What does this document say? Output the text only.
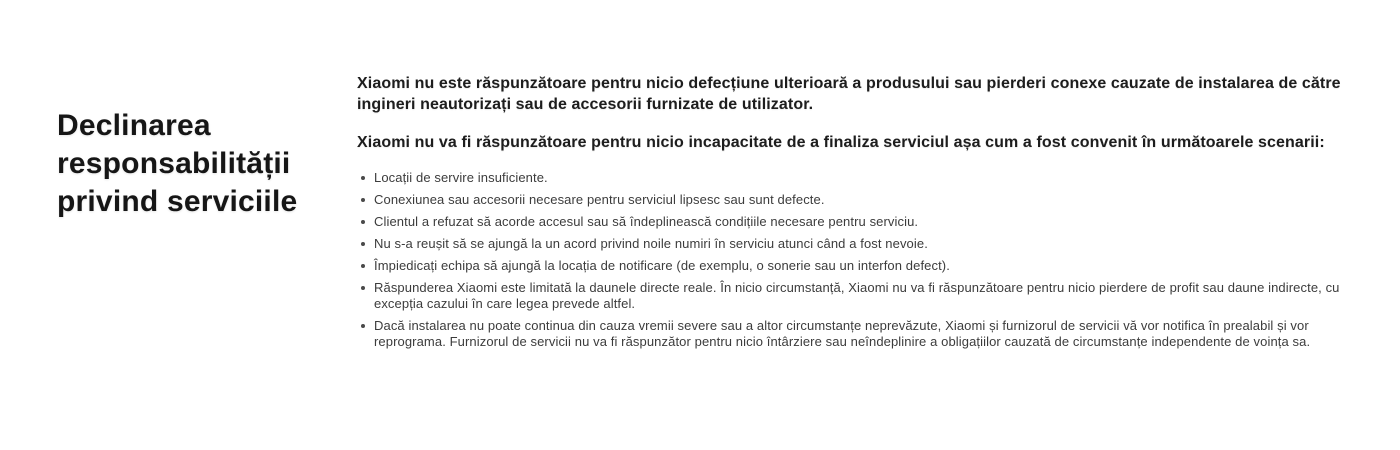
Declinarea responsabilității privind serviciile

Xiaomi nu este răspunzătoare pentru nicio defecțiune ulterioară a produsului sau pierderi conexe cauzate de instalarea de către ingineri neautorizați sau de accesorii furnizate de utilizator.

Xiaomi nu va fi răspunzătoare pentru nicio incapacitate de a finaliza serviciul așa cum a fost convenit în următoarele scenarii:

Locații de servire insuficiente.
Conexiunea sau accesorii necesare pentru serviciul lipsesc sau sunt defecte.
Clientul a refuzat să acorde accesul sau să îndeplinească condițiile necesare pentru serviciu.
Nu s-a reușit să se ajungă la un acord privind noile numiri în serviciu atunci când a fost nevoie.
Împiedicați echipa să ajungă la locația de notificare (de exemplu, o sonerie sau un interfon defect).
Răspunderea Xiaomi este limitată la daunele directe reale. În nicio circumstanță, Xiaomi nu va fi răspunzătoare pentru nicio pierdere de profit sau daune indirecte, cu excepția cazului în care legea prevede altfel.
Dacă instalarea nu poate continua din cauza vremii severe sau a altor circumstanțe neprevăzute, Xiaomi și furnizorul de servicii vă vor notifica în prealabil și vor reprograma. Furnizorul de servicii nu va fi răspunzător pentru nicio întârziere sau neîndeplinire a obligațiilor cauzată de circumstanțe independente de voința sa.
